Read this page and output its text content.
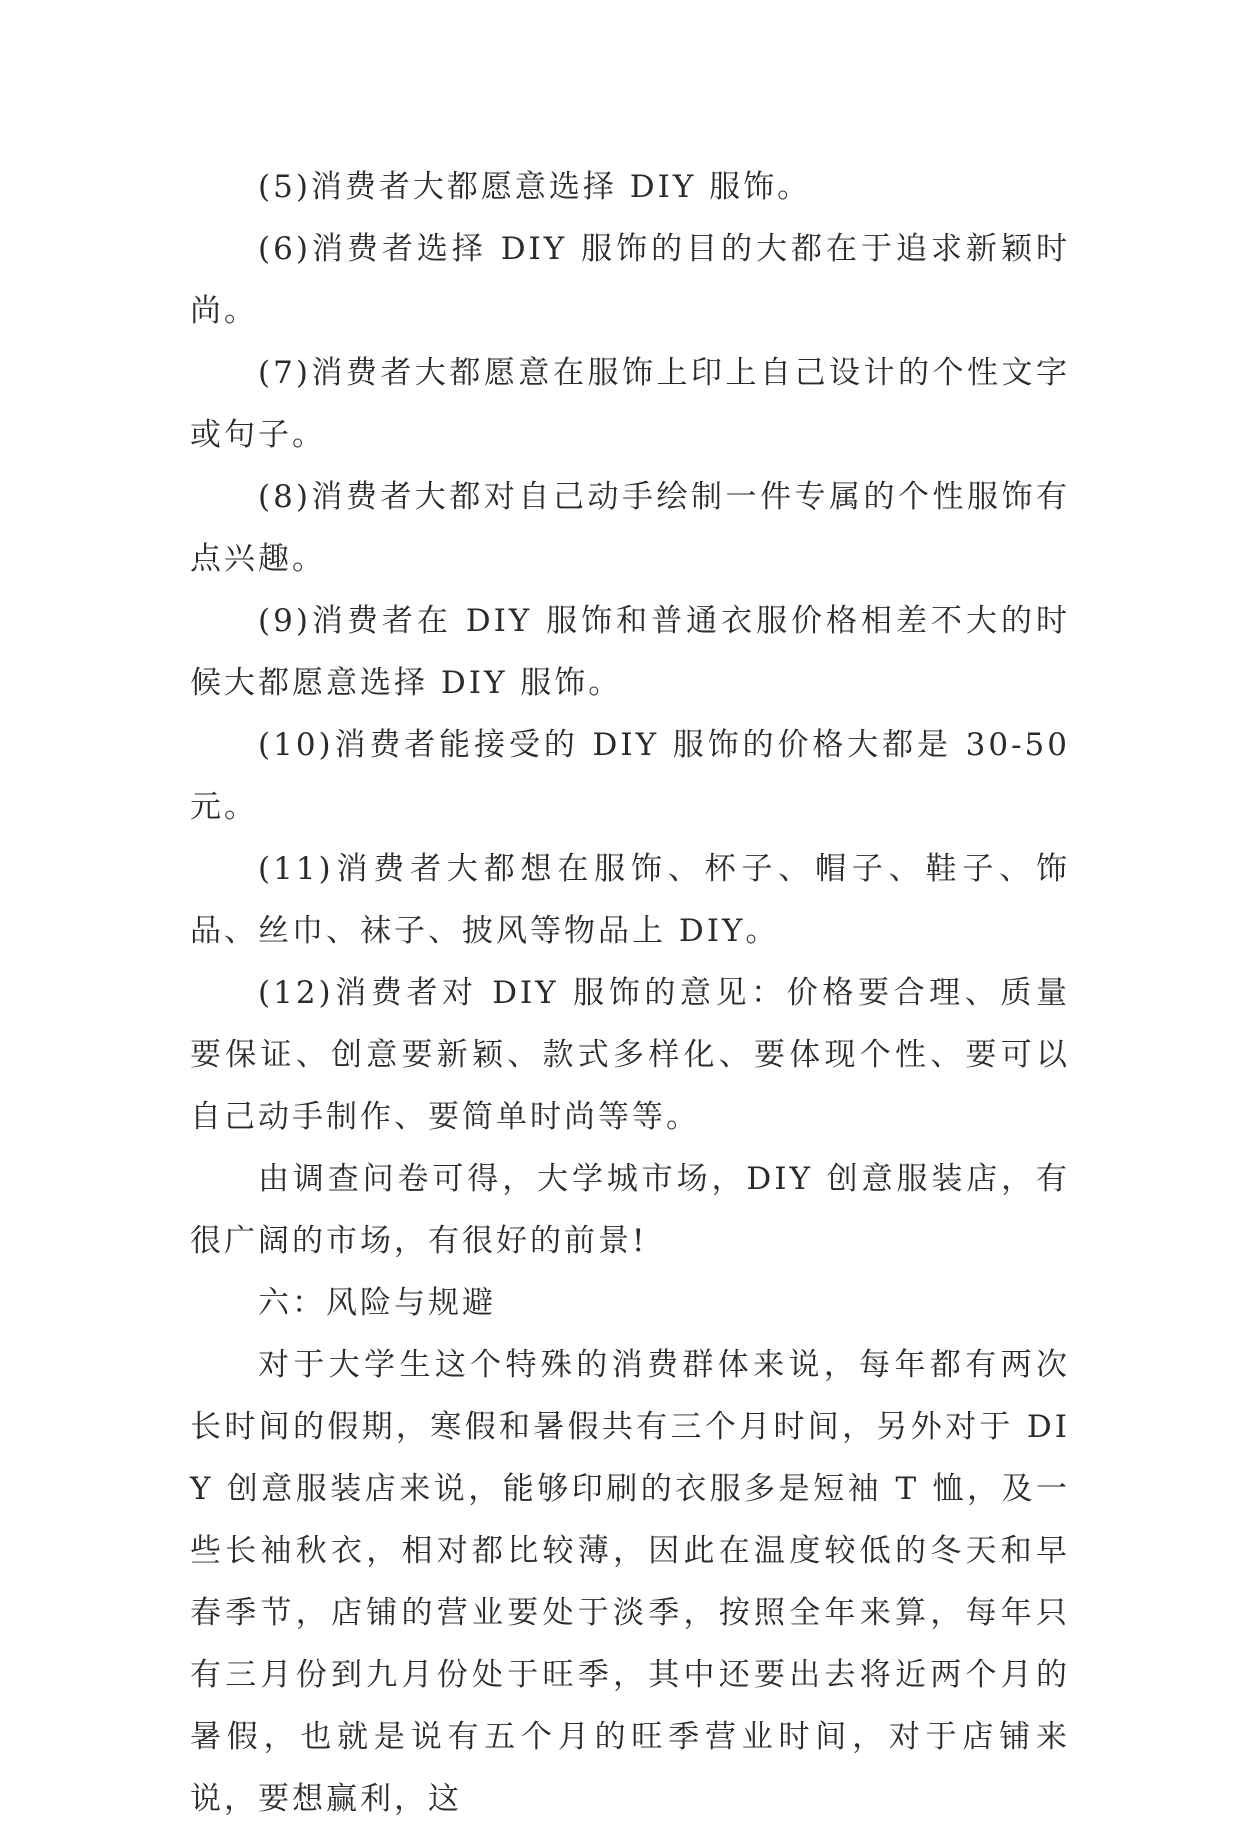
(5)消费者大都愿意选择 DIY 服饰。

(6)消费者选择 DIY 服饰的目的大都在于追求新颖时尚。

(7)消费者大都愿意在服饰上印上自己设计的个性文字或句子。

(8)消费者大都对自己动手绘制一件专属的个性服饰有点兴趣。

(9)消费者在 DIY 服饰和普通衣服价格相差不大的时候大都愿意选择 DIY 服饰。

(10)消费者能接受的 DIY 服饰的价格大都是 30-50 元。

(11)消费者大都想在服饰、杯子、帽子、鞋子、饰品、丝巾、袜子、披风等物品上 DIY。

(12)消费者对 DIY 服饰的意见：价格要合理、质量要保证、创意要新颖、款式多样化、要体现个性、要可以自己动手制作、要简单时尚等等。

由调查问卷可得，大学城市场，DIY 创意服装店，有很广阔的市场，有很好的前景!

六：风险与规避

对于大学生这个特殊的消费群体来说，每年都有两次长时间的假期，寒假和暑假共有三个月时间，另外对于 DIY 创意服装店来说，能够印刷的衣服多是短袖 T 恤，及一些长袖秋衣，相对都比较薄，因此在温度较低的冬天和早春季节，店铺的营业要处于淡季，按照全年来算，每年只有三月份到九月份处于旺季，其中还要出去将近两个月的暑假，也就是说有五个月的旺季营业时间，对于店铺来说，要想赢利，这
